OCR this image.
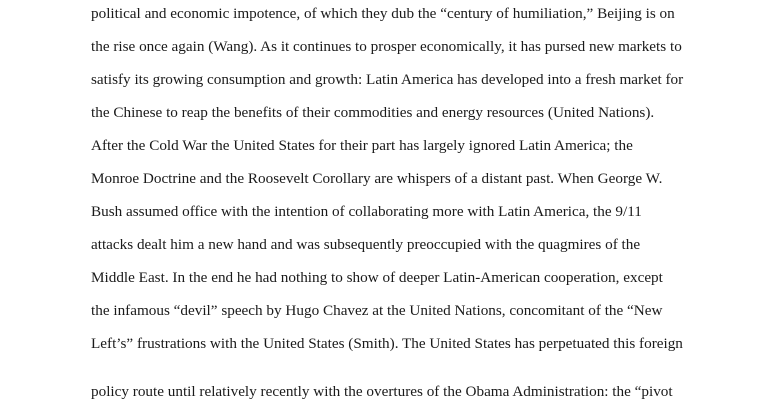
political and economic impotence, of which they dub the “century of humiliation,” Beijing is on
the rise once again (Wang). As it continues to prosper economically, it has pursed new markets to
satisfy its growing consumption and growth: Latin America has developed into a fresh market for
the Chinese to reap the benefits of their commodities and energy resources (United Nations).
After the Cold War the United States for their part has largely ignored Latin America; the
Monroe Doctrine and the Roosevelt Corollary are whispers of a distant past. When George W.
Bush assumed office with the intention of collaborating more with Latin America, the 9/11
attacks dealt him a new hand and was subsequently preoccupied with the quagmires of the
Middle East. In the end he had nothing to show of deeper Latin-American cooperation, except
the infamous “devil” speech by Hugo Chavez at the United Nations, concomitant of the “New
Left’s” frustrations with the United States (Smith). The United States has perpetuated this foreign
policy route until relatively recently with the overtures of the Obama Administration: the “pivot
